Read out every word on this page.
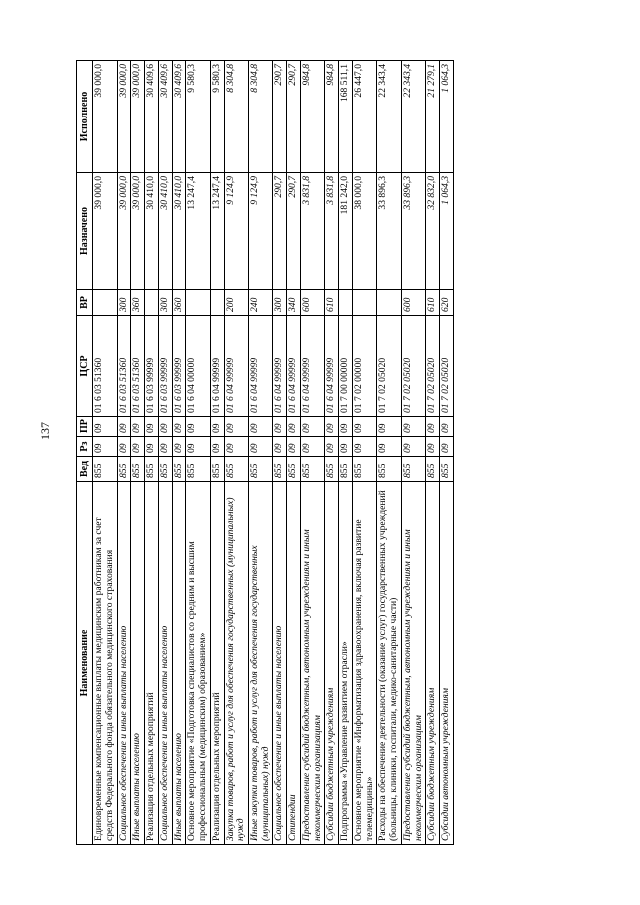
137
Наименование	Вед	Рз	ПР	ЦСР	ВР	Назначено	Исполнено
Единовременные компенсационные выплаты медицинским работникам за счет средств Федерального фонда обязательного медицинского страхования	855	09	09	01 6 03 51360		39 000,0	39 000,0
Социальное обеспечение и иные выплаты населению	855	09	09	01 6 03 51360	300	39 000,0	39 000,0
Иные выплаты населению	855	09	09	01 6 03 51360	360	39 000,0	39 000,0
Реализация отдельных мероприятий	855	09	09	01 6 03 99999		30 410,0	30 409,6
Социальное обеспечение и иные выплаты населению	855	09	09	01 6 03 99999	300	30 410,0	30 409,6
Иные выплаты населению	855	09	09	01 6 03 99999	360	30 410,0	30 409,6
Основное мероприятие «Подготовка специалистов со средним и высшим профессиональным (медицинским) образованием»	855	09	09	01 6 04 00000		13 247,4	9 580,3
Реализация отдельных мероприятий	855	09	09	01 6 04 99999		13 247,4	9 580,3
Закупка товаров, работ и услуг для обеспечения государственных (муниципальных) нужд	855	09	09	01 6 04 99999	200	9 124,9	8 304,8
Иные закупки товаров, работ и услуг для обеспечения государственных (муниципальных) нужд	855	09	09	01 6 04 99999	240	9 124,9	8 304,8
Социальное обеспечение и иные выплаты населению	855	09	09	01 6 04 99999	300	290,7	290,7
Стипендии	855	09	09	01 6 04 99999	340	290,7	290,7
Предоставление субсидий бюджетным, автономным учреждениям и иным некоммерческим организациям	855	09	09	01 6 04 99999	600	3 831,8	984,8
Субсидии бюджетным учреждениям	855	09	09	01 6 04 99999	610	3 831,8	984,8
Подпрограмма «Управление развитием отрасли»	855	09	09	01 7 00 00000		181 242,0	168 511,1
Основное мероприятие «Информатизация здравоохранения, включая развитие телемедицины»	855	09	09	01 7 02 00000		38 000,0	26 447,0
Расходы на обеспечение деятельности (оказание услуг) государственных учреждений (больницы, клиники, госпитали, медико-санитарные части)	855	09	09	01 7 02 05020		33 896,3	22 343,4
Предоставление субсидий бюджетным, автономным учреждениям и иным некоммерческим организациям	855	09	09	01 7 02 05020	600	33 896,3	22 343,4
Субсидии бюджетным учреждениям	855	09	09	01 7 02 05020	610	32 832,0	21 279,1
Субсидии автономным учреждениям	855	09	09	01 7 02 05020	620	1 064,3	1 064,3
